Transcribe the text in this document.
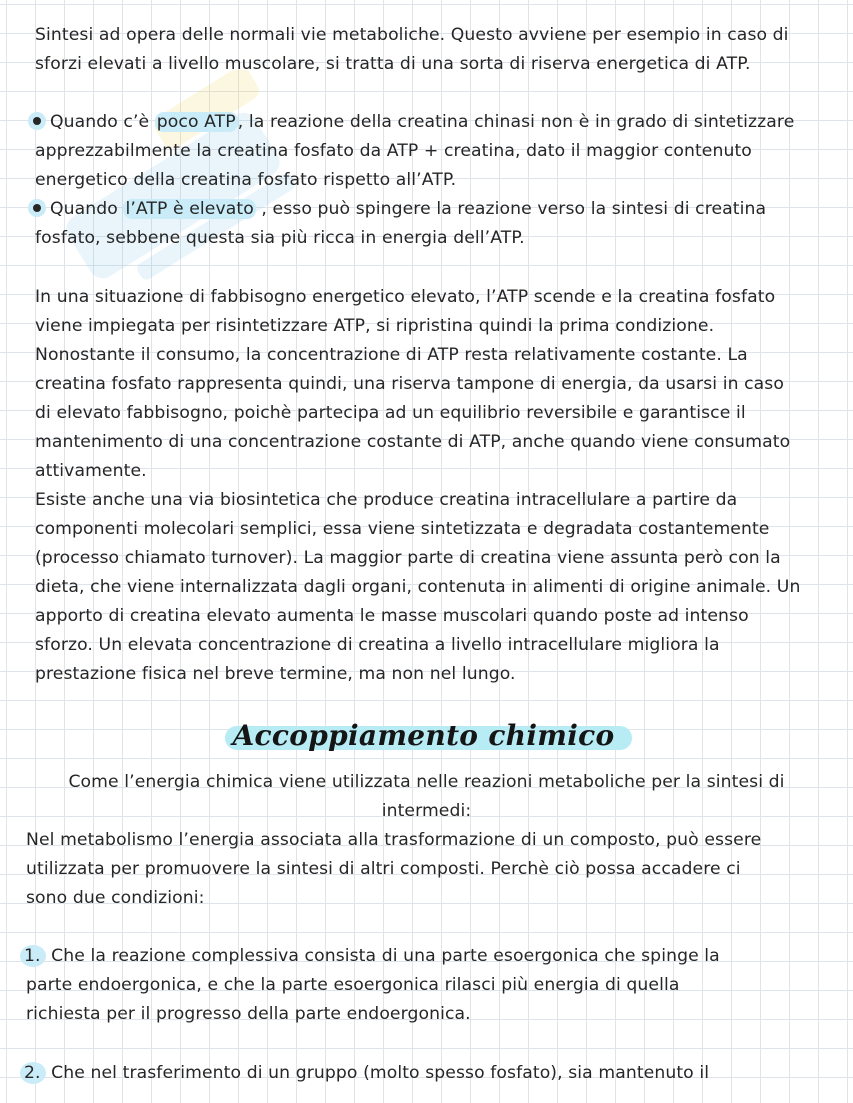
Sintesi ad opera delle normali vie metaboliche. Questo avviene per esempio in caso di
sforzi elevati a livello muscolare, si tratta di una sorta di riserva energetica di ATP.
Quando c’è poco ATP , la reazione della creatina chinasi non è in grado di sintetizzare
apprezzabilmente la creatina fosfato da ATP + creatina, dato il maggior contenuto
energetico della creatina fosfato rispetto all’ATP.
Quando l’ATP è elevato , esso può spingere la reazione verso la sintesi di creatina
fosfato, sebbene questa sia più ricca in energia dell’ATP.
In una situazione di fabbisogno energetico elevato, l’ATP scende e la creatina fosfato
viene impiegata per risintetizzare ATP, si ripristina quindi la prima condizione.
Nonostante il consumo, la concentrazione di ATP resta relativamente costante. La
creatina fosfato rappresenta quindi, una riserva tampone di energia, da usarsi in caso
di elevato fabbisogno, poichè partecipa ad un equilibrio reversibile e garantisce il
mantenimento di una concentrazione costante di ATP, anche quando viene consumato
attivamente.
Esiste anche una via biosintetica che produce creatina intracellulare a partire da
componenti molecolari semplici, essa viene sintetizzata e degradata costantemente
(processo chiamato turnover). La maggior parte di creatina viene assunta però con la
dieta, che viene internalizzata dagli organi, contenuta in alimenti di origine animale. Un
apporto di creatina elevato aumenta le masse muscolari quando poste ad intenso
sforzo. Un elevata concentrazione di creatina a livello intracellulare migliora la
prestazione fisica nel breve termine, ma non nel lungo.
Accoppiamento chimico
Come l’energia chimica viene utilizzata nelle reazioni metaboliche per la sintesi di
intermedi:
Nel metabolismo l’energia associata alla trasformazione di un composto, può essere
utilizzata per promuovere la sintesi di altri composti. Perchè ciò possa accadere ci
sono due condizioni:
1. Che la reazione complessiva consista di una parte esoergonica che spinge la
parte endoergonica, e che la parte esoergonica rilasci più energia di quella
richiesta per il progresso della parte endoergonica.
2. Che nel trasferimento di un gruppo (molto spesso fosfato), sia mantenuto il
